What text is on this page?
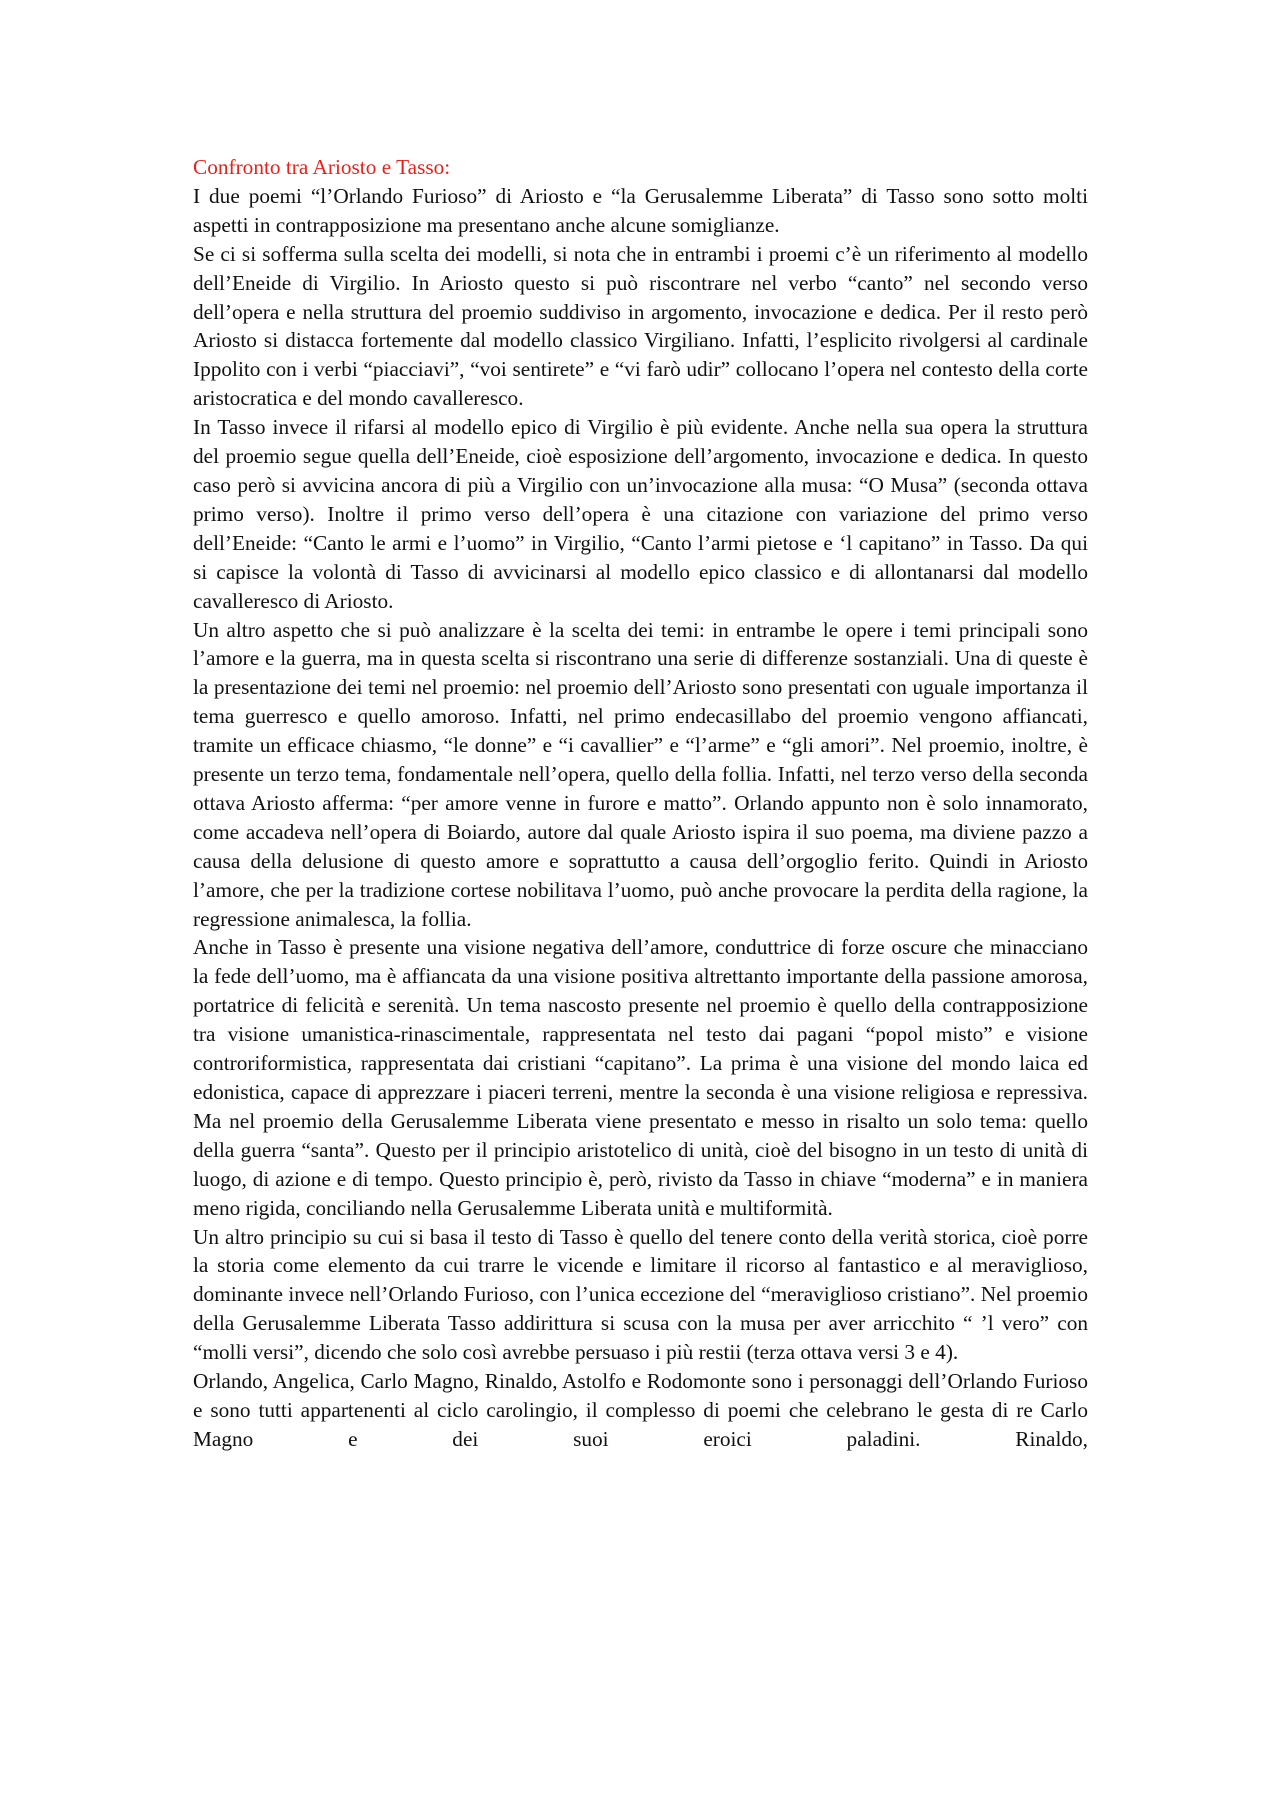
Confronto tra Ariosto e Tasso:

I due poemi “l’Orlando Furioso” di Ariosto e “la Gerusalemme Liberata” di Tasso sono sotto molti aspetti in contrapposizione ma presentano anche alcune somiglianze.

Se ci si sofferma sulla scelta dei modelli, si nota che in entrambi i proemi c’è un riferimento al modello dell’Eneide di Virgilio. In Ariosto questo si può riscontrare nel verbo “canto” nel secondo verso dell’opera e nella struttura del proemio suddiviso in argomento, invocazione e dedica. Per il resto però Ariosto si distacca fortemente dal modello classico Virgiliano. Infatti, l’esplicito rivolgersi al cardinale Ippolito con i verbi “piacciavi”, “voi sentirete” e “vi farò udir” collocano l’opera nel contesto della corte aristocratica e del mondo cavalleresco.

In Tasso invece il rifarsi al modello epico di Virgilio è più evidente. Anche nella sua opera la struttura del proemio segue quella dell’Eneide, cioè esposizione dell’argomento, invocazione e dedica. In questo caso però si avvicina ancora di più a Virgilio con un’invocazione alla musa: “O Musa” (seconda ottava primo verso). Inoltre il primo verso dell’opera è una citazione con variazione del primo verso dell’Eneide: “Canto le armi e l’uomo” in Virgilio, “Canto l’armi pietose e ‘l capitano” in Tasso. Da qui si capisce la volontà di Tasso di avvicinarsi al modello epico classico e di allontanarsi dal modello cavalleresco di Ariosto.

Un altro aspetto che si può analizzare è la scelta dei temi: in entrambe le opere i temi principali sono l’amore e la guerra, ma in questa scelta si riscontrano una serie di differenze sostanziali. Una di queste è la presentazione dei temi nel proemio: nel proemio dell’Ariosto sono presentati con uguale importanza il tema guerresco e quello amoroso. Infatti, nel primo endecasillabo del proemio vengono affiancati, tramite un efficace chiasmo, “le donne” e “i cavallier” e “l’arme” e “gli amori”. Nel proemio, inoltre, è presente un terzo tema, fondamentale nell’opera, quello della follia. Infatti, nel terzo verso della seconda ottava Ariosto afferma: “per amore venne in furore e matto”. Orlando appunto non è solo innamorato, come accadeva nell’opera di Boiardo, autore dal quale Ariosto ispira il suo poema, ma diviene pazzo a causa della delusione di questo amore e soprattutto a causa dell’orgoglio ferito. Quindi in Ariosto l’amore, che per la tradizione cortese nobilitava l’uomo, può anche provocare la perdita della ragione, la regressione animalesca, la follia.

Anche in Tasso è presente una visione negativa dell’amore, conduttrice di forze oscure che minacciano la fede dell’uomo, ma è affiancata da una visione positiva altrettanto importante della passione amorosa, portatrice di felicità e serenità. Un tema nascosto presente nel proemio è quello della contrapposizione tra visione umanistica-rinascimentale, rappresentata nel testo dai pagani “popol misto” e visione controriformistica, rappresentata dai cristiani “capitano”. La prima è una visione del mondo laica ed edonistica, capace di apprezzare i piaceri terreni, mentre la seconda è una visione religiosa e repressiva. Ma nel proemio della Gerusalemme Liberata viene presentato e messo in risalto un solo tema: quello della guerra “santa”. Questo per il principio aristotelico di unità, cioè del bisogno in un testo di unità di luogo, di azione e di tempo. Questo principio è, però, rivisto da Tasso in chiave “moderna” e in maniera meno rigida, conciliando nella Gerusalemme Liberata unità e multiformità.

Un altro principio su cui si basa il testo di Tasso è quello del tenere conto della verità storica, cioè porre la storia come elemento da cui trarre le vicende e limitare il ricorso al fantastico e al meraviglioso, dominante invece nell’Orlando Furioso, con l’unica eccezione del “meraviglioso cristiano”. Nel proemio della Gerusalemme Liberata Tasso addirittura si scusa con la musa per aver arricchito “ ’l vero” con “molli versi”, dicendo che solo così avrebbe persuaso i più restii (terza ottava versi 3 e 4).

Orlando, Angelica, Carlo Magno, Rinaldo, Astolfo e Rodomonte sono i personaggi dell’Orlando Furioso e sono tutti appartenenti al ciclo carolingio, il complesso di poemi che celebrano le gesta di re Carlo Magno e dei suoi eroici paladini. Rinaldo,
